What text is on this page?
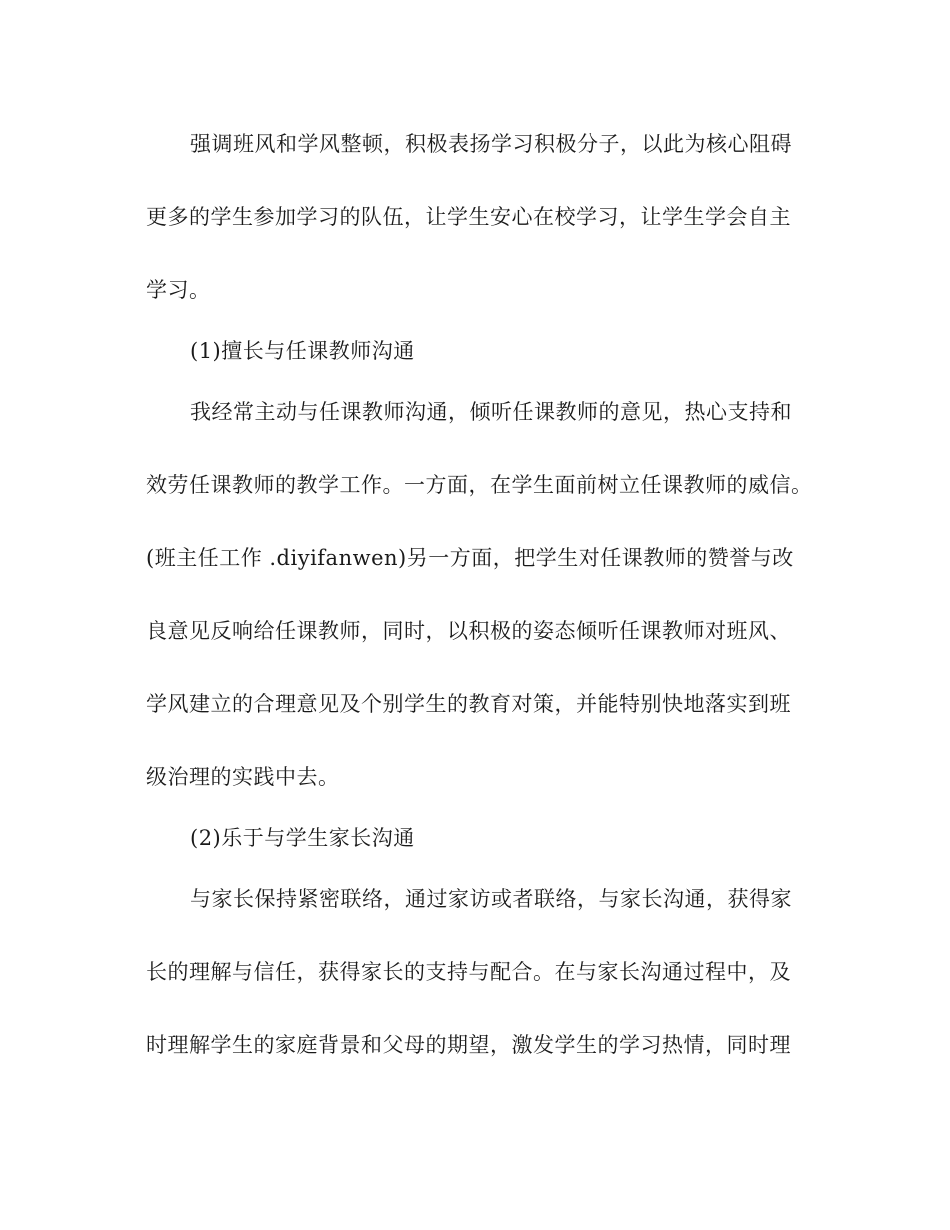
强调班风和学风整顿，积极表扬学习积极分子，以此为核心阻碍
更多的学生参加学习的队伍，让学生安心在校学习，让学生学会自主
学习。
(1)擅长与任课教师沟通
我经常主动与任课教师沟通，倾听任课教师的意见，热心支持和
效劳任课教师的教学工作。一方面，在学生面前树立任课教师的威信。
(班主任工作 .diyifanwen)另一方面，把学生对任课教师的赞誉与改
良意见反响给任课教师，同时，以积极的姿态倾听任课教师对班风、
学风建立的合理意见及个别学生的教育对策，并能特别快地落实到班
级治理的实践中去。
(2)乐于与学生家长沟通
与家长保持紧密联络，通过家访或者联络，与家长沟通，获得家
长的理解与信任，获得家长的支持与配合。在与家长沟通过程中，及
时理解学生的家庭背景和父母的期望，激发学生的学习热情，同时理
